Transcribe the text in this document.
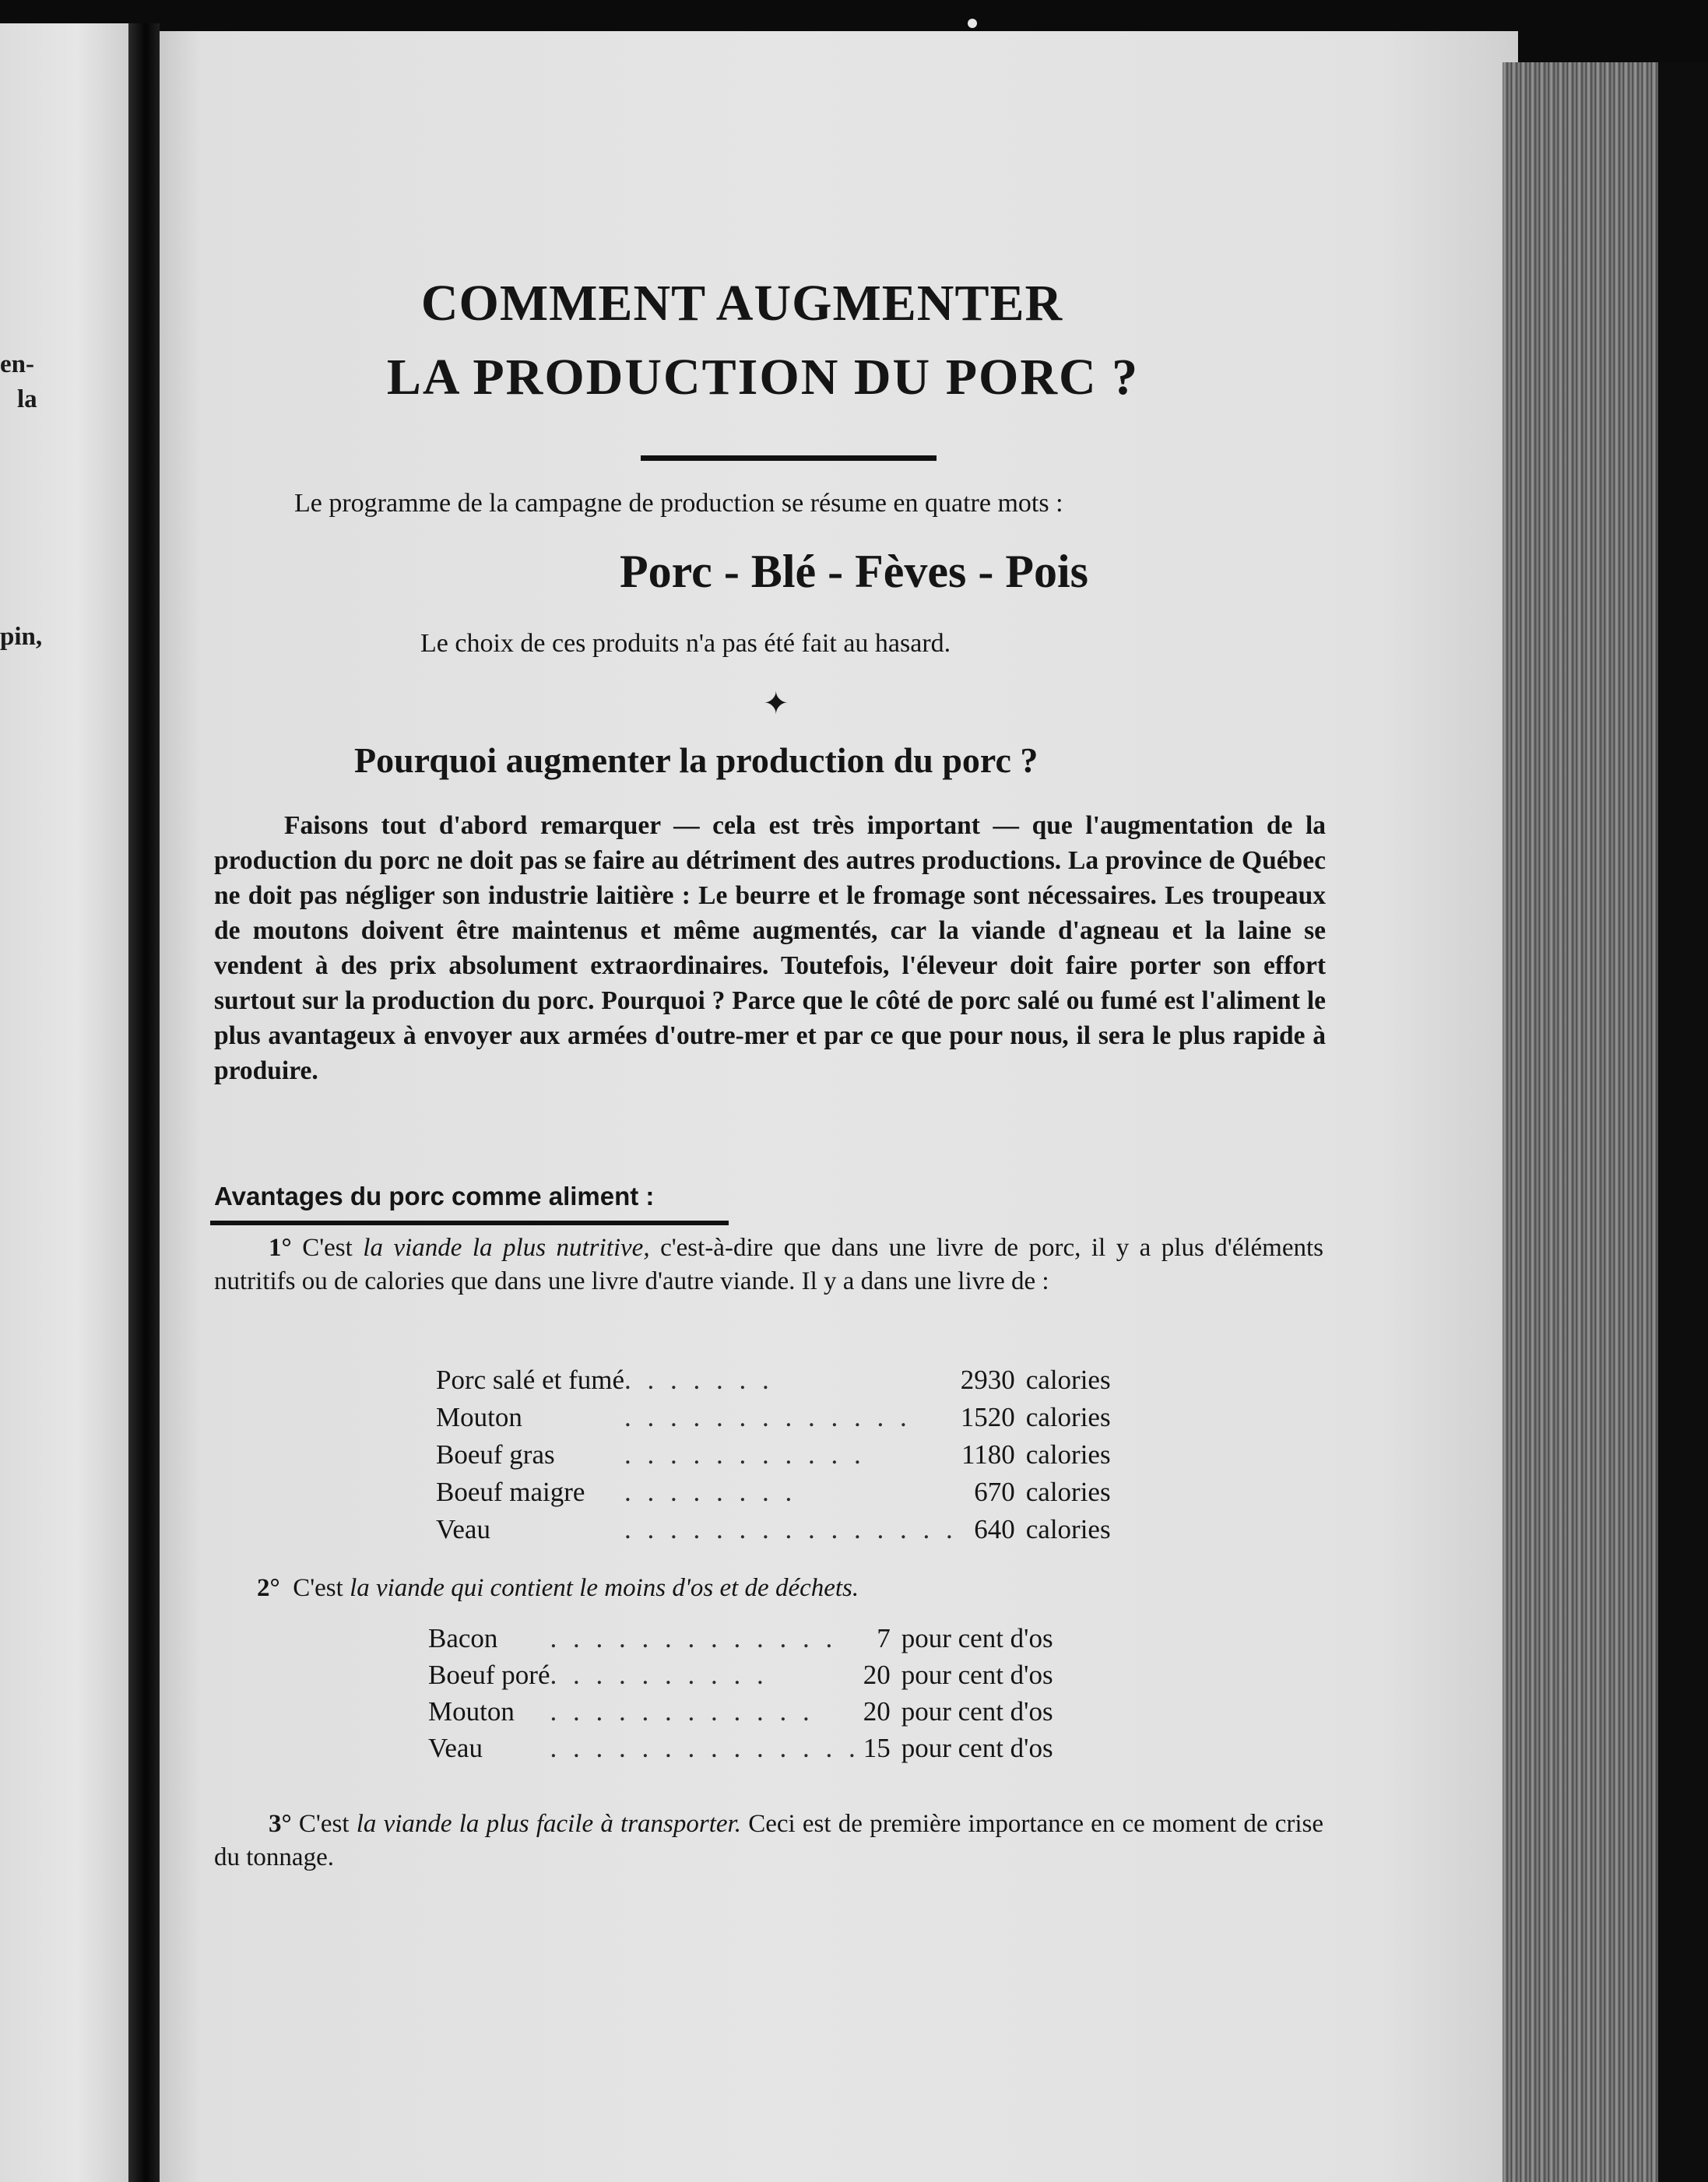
en-
la
pin,
COMMENT AUGMENTER
LA PRODUCTION DU PORC ?
Le programme de la campagne de production se résume en quatre mots :
Porc - Blé - Fèves - Pois
Le choix de ces produits n'a pas été fait au hasard.
✦
Pourquoi augmenter la production du porc ?

Faisons tout d'abord remarquer — cela est très important — que l'augmentation de la production du porc ne doit pas se faire au détriment des autres productions. La province de Québec ne doit pas négliger son industrie laitière : Le beurre et le fromage sont nécessaires. Les troupeaux de moutons doivent être maintenus et même augmentés, car la viande d'agneau et la laine se vendent à des prix absolument extraordinaires. Toutefois, l'éleveur doit faire porter son effort surtout sur la production du porc. Pourquoi ? Parce que le côté de porc salé ou fumé est l'aliment le plus avantageux à envoyer aux armées d'outre-mer et par ce que pour nous, il sera le plus rapide à produire.

Avantages du porc comme aliment :

1° C'est la viande la plus nutritive, c'est-à-dire que dans une livre de porc, il y a plus d'éléments nutritifs ou de calories que dans une livre d'autre viande. Il y a dans une livre de :

Porc salé et fumé	. . . . . . .	2930	calories
Mouton	. . . . . . . . . . . . .	1520	calories
Boeuf gras	. . . . . . . . . . .	1180	calories
Boeuf maigre	. . . . . . . .	670	calories
Veau	. . . . . . . . . . . . . . .	640	calories
2° C'est la viande qui contient le moins d'os et de déchets.
Bacon	. . . . . . . . . . . . .	7	pour cent d'os
Boeuf poré	. . . . . . . . . .	20	pour cent d'os
Mouton	. . . . . . . . . . . .	20	pour cent d'os
Veau	. . . . . . . . . . . . . .	15	pour cent d'os

3° C'est la viande la plus facile à transporter. Ceci est de première importance en ce moment de crise du tonnage.
